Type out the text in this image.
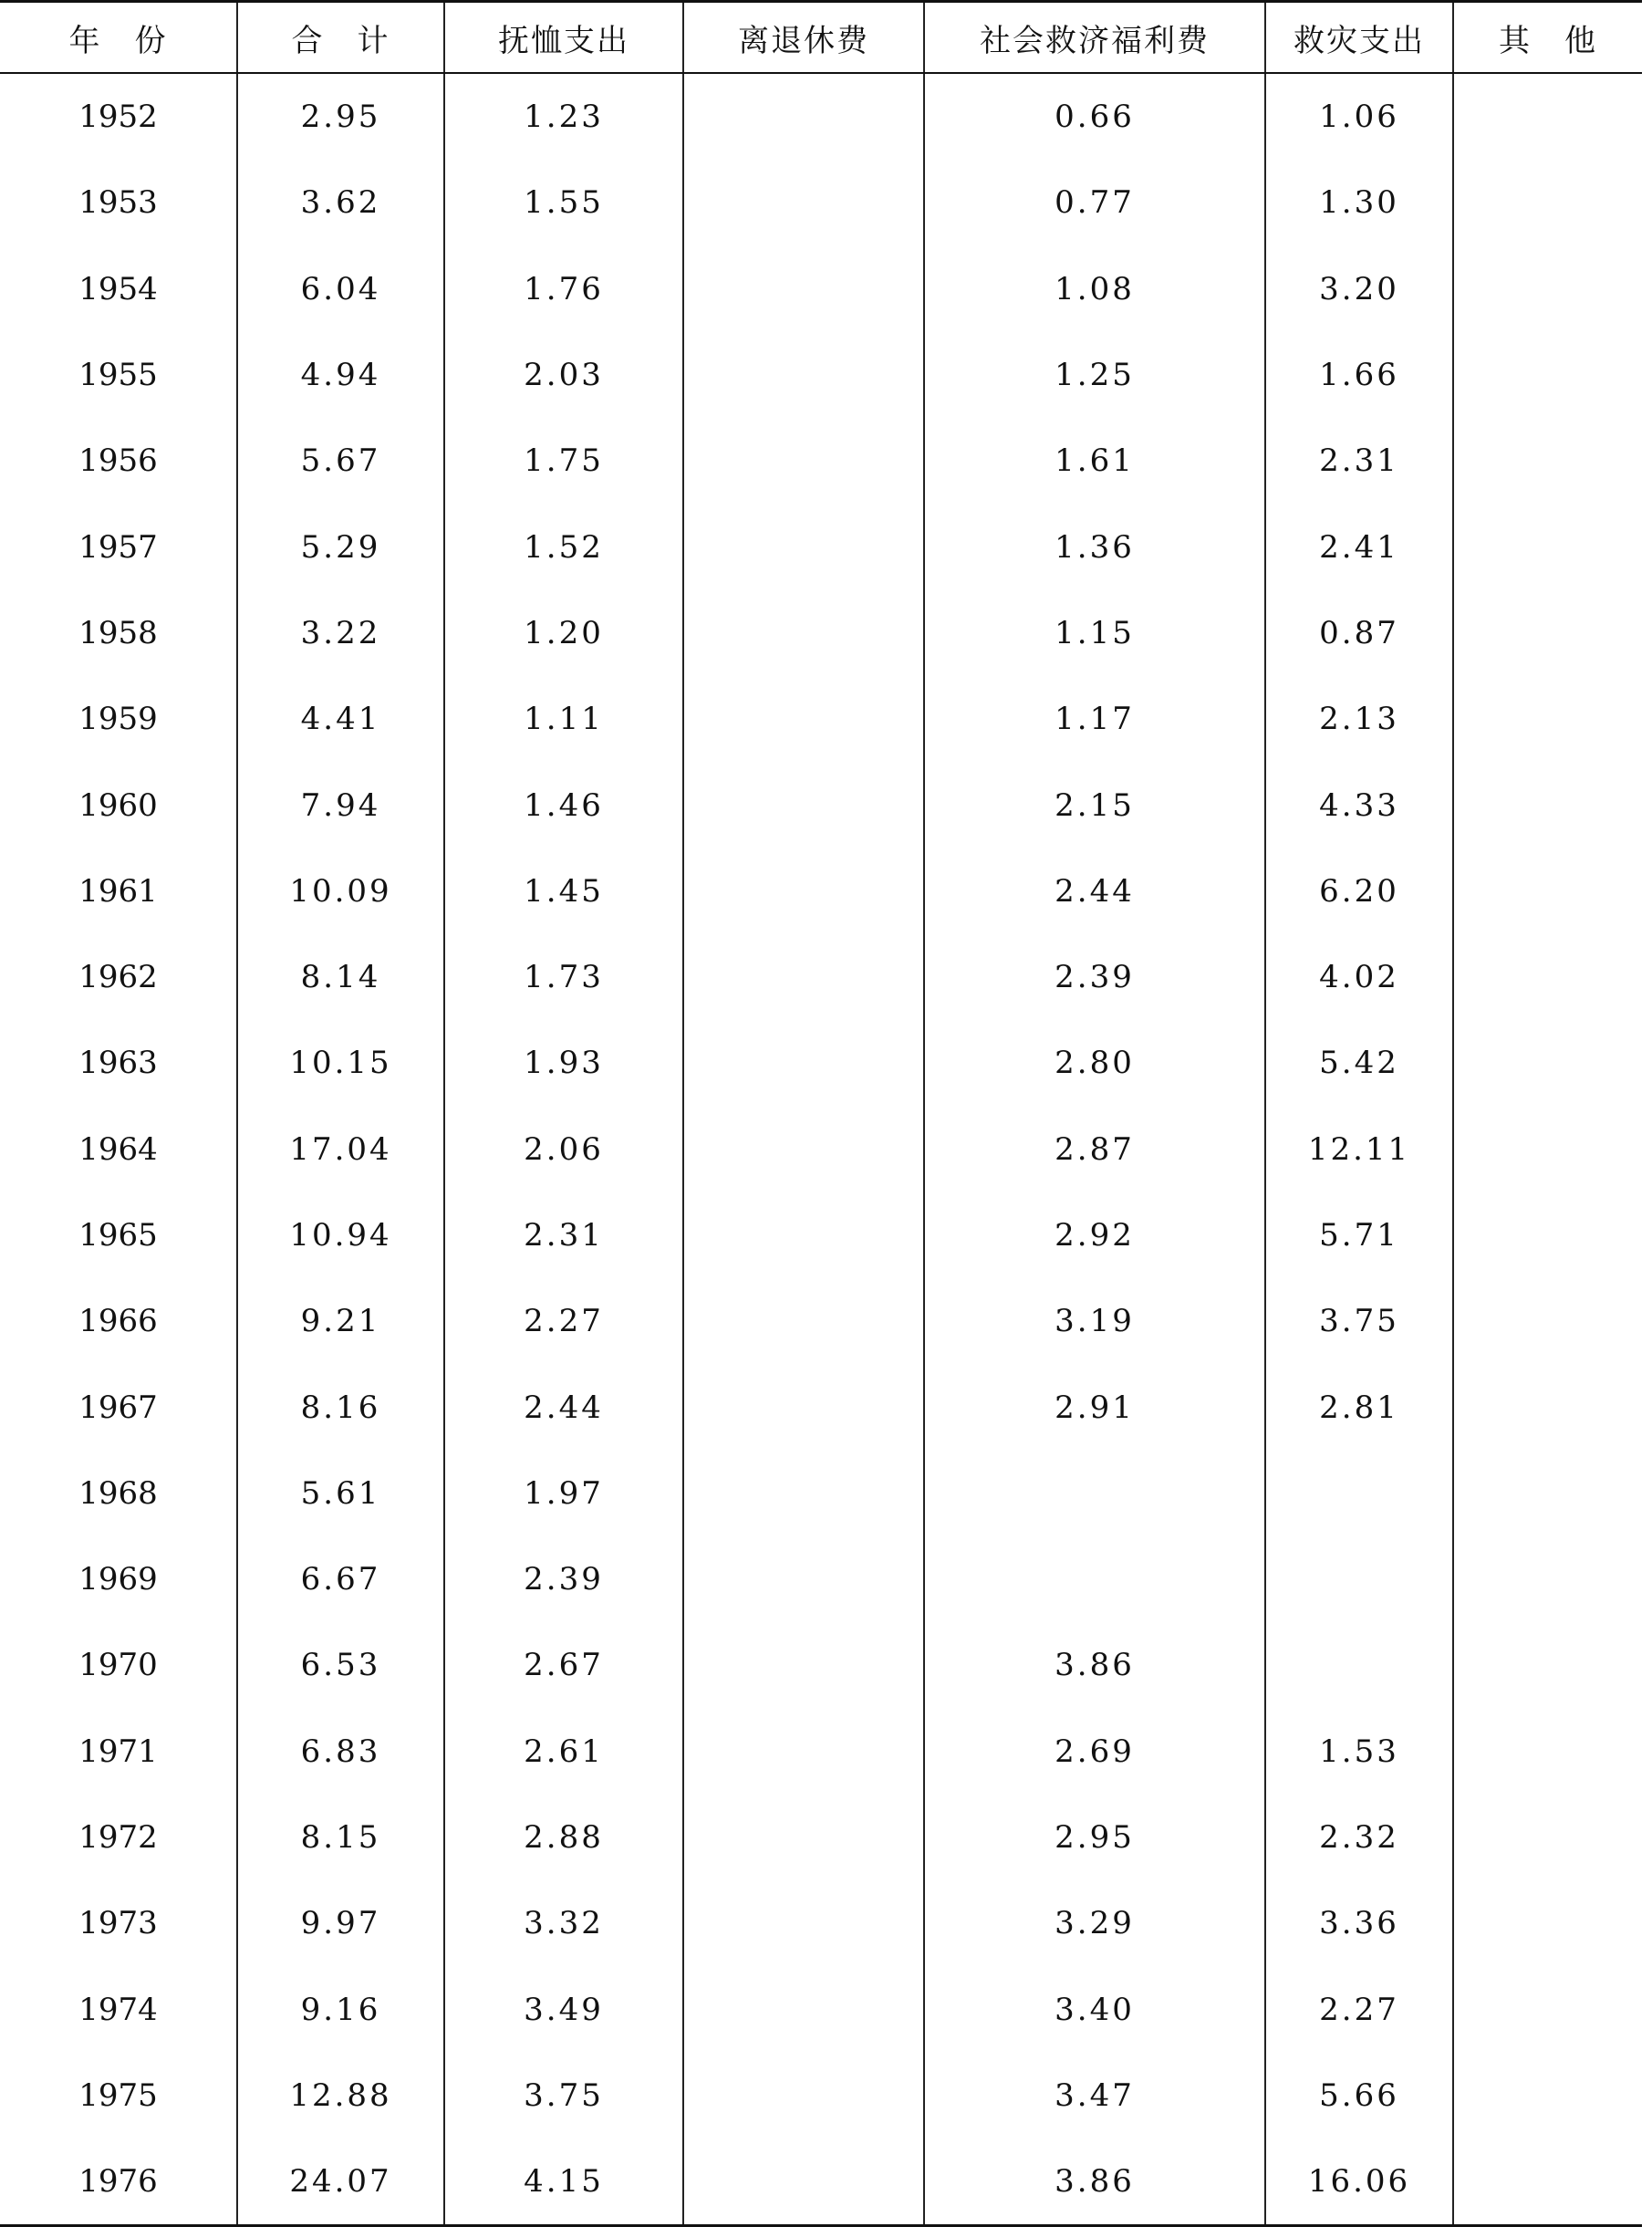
年　份	合　计	抚恤支出	离退休费	社会救济福利费	救灾支出	其　他
1952	2.95	1.23		0.66	1.06	
1953	3.62	1.55		0.77	1.30	
1954	6.04	1.76		1.08	3.20	
1955	4.94	2.03		1.25	1.66	
1956	5.67	1.75		1.61	2.31	
1957	5.29	1.52		1.36	2.41	
1958	3.22	1.20		1.15	0.87	
1959	4.41	1.11		1.17	2.13	
1960	7.94	1.46		2.15	4.33	
1961	10.09	1.45		2.44	6.20	
1962	8.14	1.73		2.39	4.02	
1963	10.15	1.93		2.80	5.42	
1964	17.04	2.06		2.87	12.11	
1965	10.94	2.31		2.92	5.71	
1966	9.21	2.27		3.19	3.75	
1967	8.16	2.44		2.91	2.81	
1968	5.61	1.97				
1969	6.67	2.39				
1970	6.53	2.67		3.86		
1971	6.83	2.61		2.69	1.53	
1972	8.15	2.88		2.95	2.32	
1973	9.97	3.32		3.29	3.36	
1974	9.16	3.49		3.40	2.27	
1975	12.88	3.75		3.47	5.66	
1976	24.07	4.15		3.86	16.06	
